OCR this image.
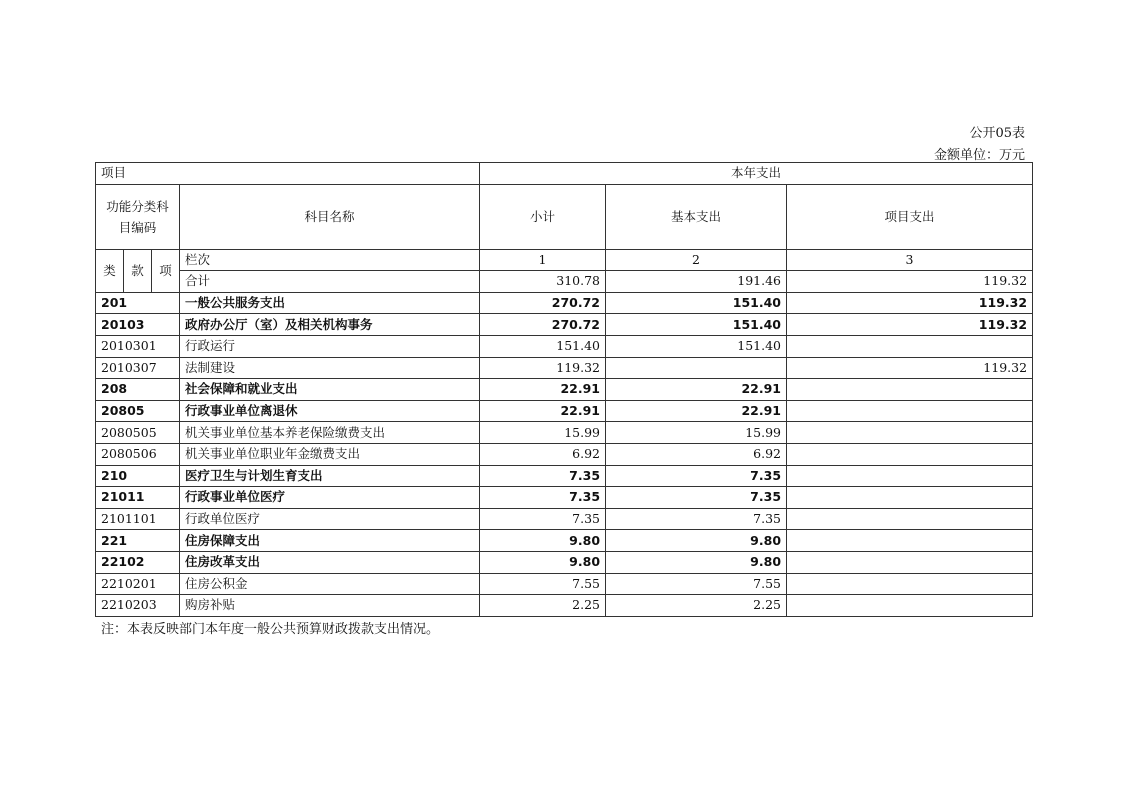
公开05表
金额单位：万元
项目				本年支出		
功能分类科目编码			科目名称	小计	基本支出	项目支出
类	款	项	栏次	1	2	3
			合计	310.78	191.46	119.32
201			一般公共服务支出	270.72	151.40	119.32
20103			政府办公厅（室）及相关机构事务	270.72	151.40	119.32
2010301			行政运行	151.40	151.40	
2010307			法制建设	119.32		119.32
208			社会保障和就业支出	22.91	22.91	
20805			行政事业单位离退休	22.91	22.91	
2080505			机关事业单位基本养老保险缴费支出	15.99	15.99	
2080506			机关事业单位职业年金缴费支出	6.92	6.92	
210			医疗卫生与计划生育支出	7.35	7.35	
21011			行政事业单位医疗	7.35	7.35	
2101101			行政单位医疗	7.35	7.35	
221			住房保障支出	9.80	9.80	
22102			住房改革支出	9.80	9.80	
2210201			住房公积金	7.55	7.55	
2210203			购房补贴	2.25	2.25	
注：本表反映部门本年度一般公共预算财政拨款支出情况。
